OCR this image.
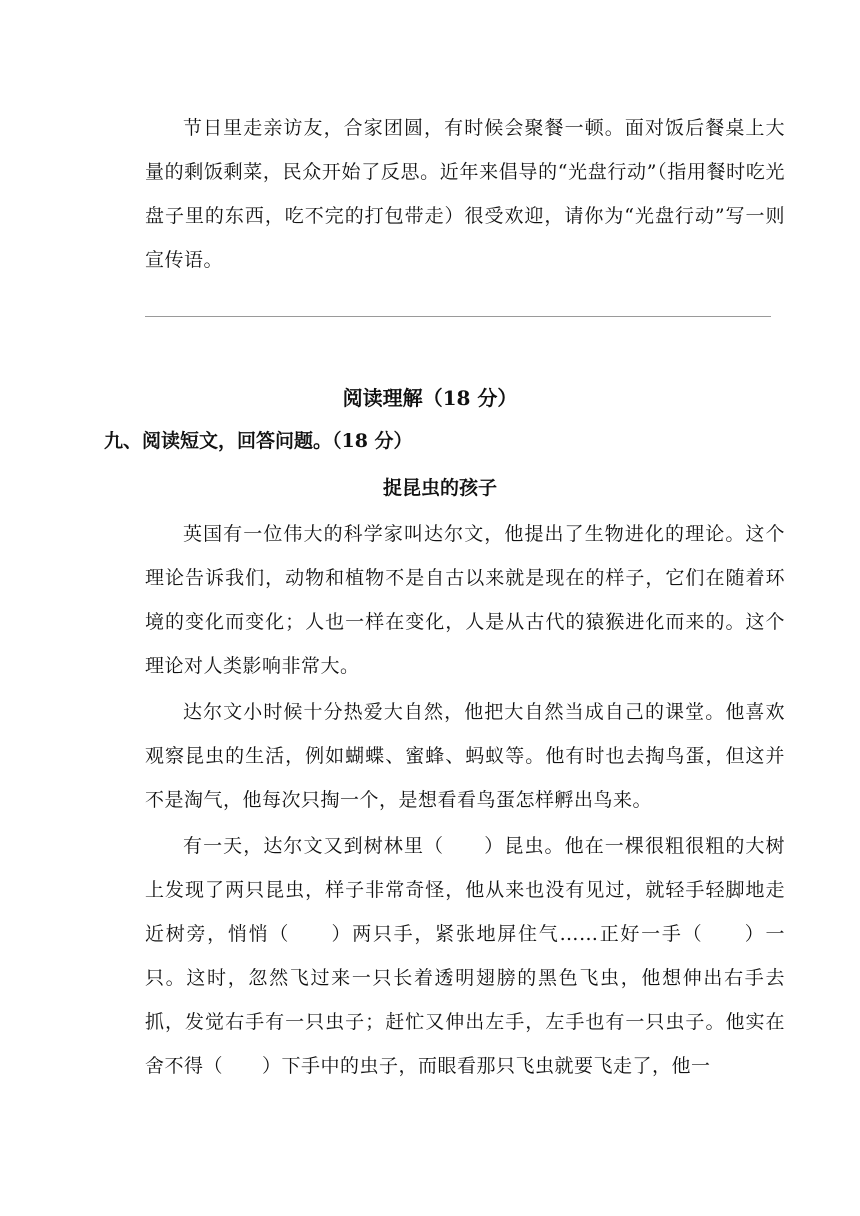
节日里走亲访友，合家团圆，有时候会聚餐一顿。面对饭后餐桌上大量的剩饭剩菜，民众开始了反思。近年来倡导的“光盘行动”（指用餐时吃光盘子里的东西，吃不完的打包带走）很受欢迎，请你为“光盘行动”写一则宣传语。

阅读理解（18 分）
九、阅读短文，回答问题。（18 分）
捉昆虫的孩子

英国有一位伟大的科学家叫达尔文，他提出了生物进化的理论。这个理论告诉我们，动物和植物不是自古以来就是现在的样子，它们在随着环境的变化而变化；人也一样在变化，人是从古代的猿猴进化而来的。这个理论对人类影响非常大。

达尔文小时候十分热爱大自然，他把大自然当成自己的课堂。他喜欢观察昆虫的生活，例如蝴蝶、蜜蜂、蚂蚁等。他有时也去掏鸟蛋，但这并不是淘气，他每次只掏一个，是想看看鸟蛋怎样孵出鸟来。

有一天，达尔文又到树林里（　　）昆虫。他在一棵很粗很粗的大树上发现了两只昆虫，样子非常奇怪，他从来也没有见过，就轻手轻脚地走近树旁，悄悄（　　）两只手，紧张地屏住气……正好一手（　　）一只。这时，忽然飞过来一只长着透明翅膀的黑色飞虫，他想伸出右手去抓，发觉右手有一只虫子；赶忙又伸出左手，左手也有一只虫子。他实在舍不得（　　）下手中的虫子，而眼看那只飞虫就要飞走了，他一
